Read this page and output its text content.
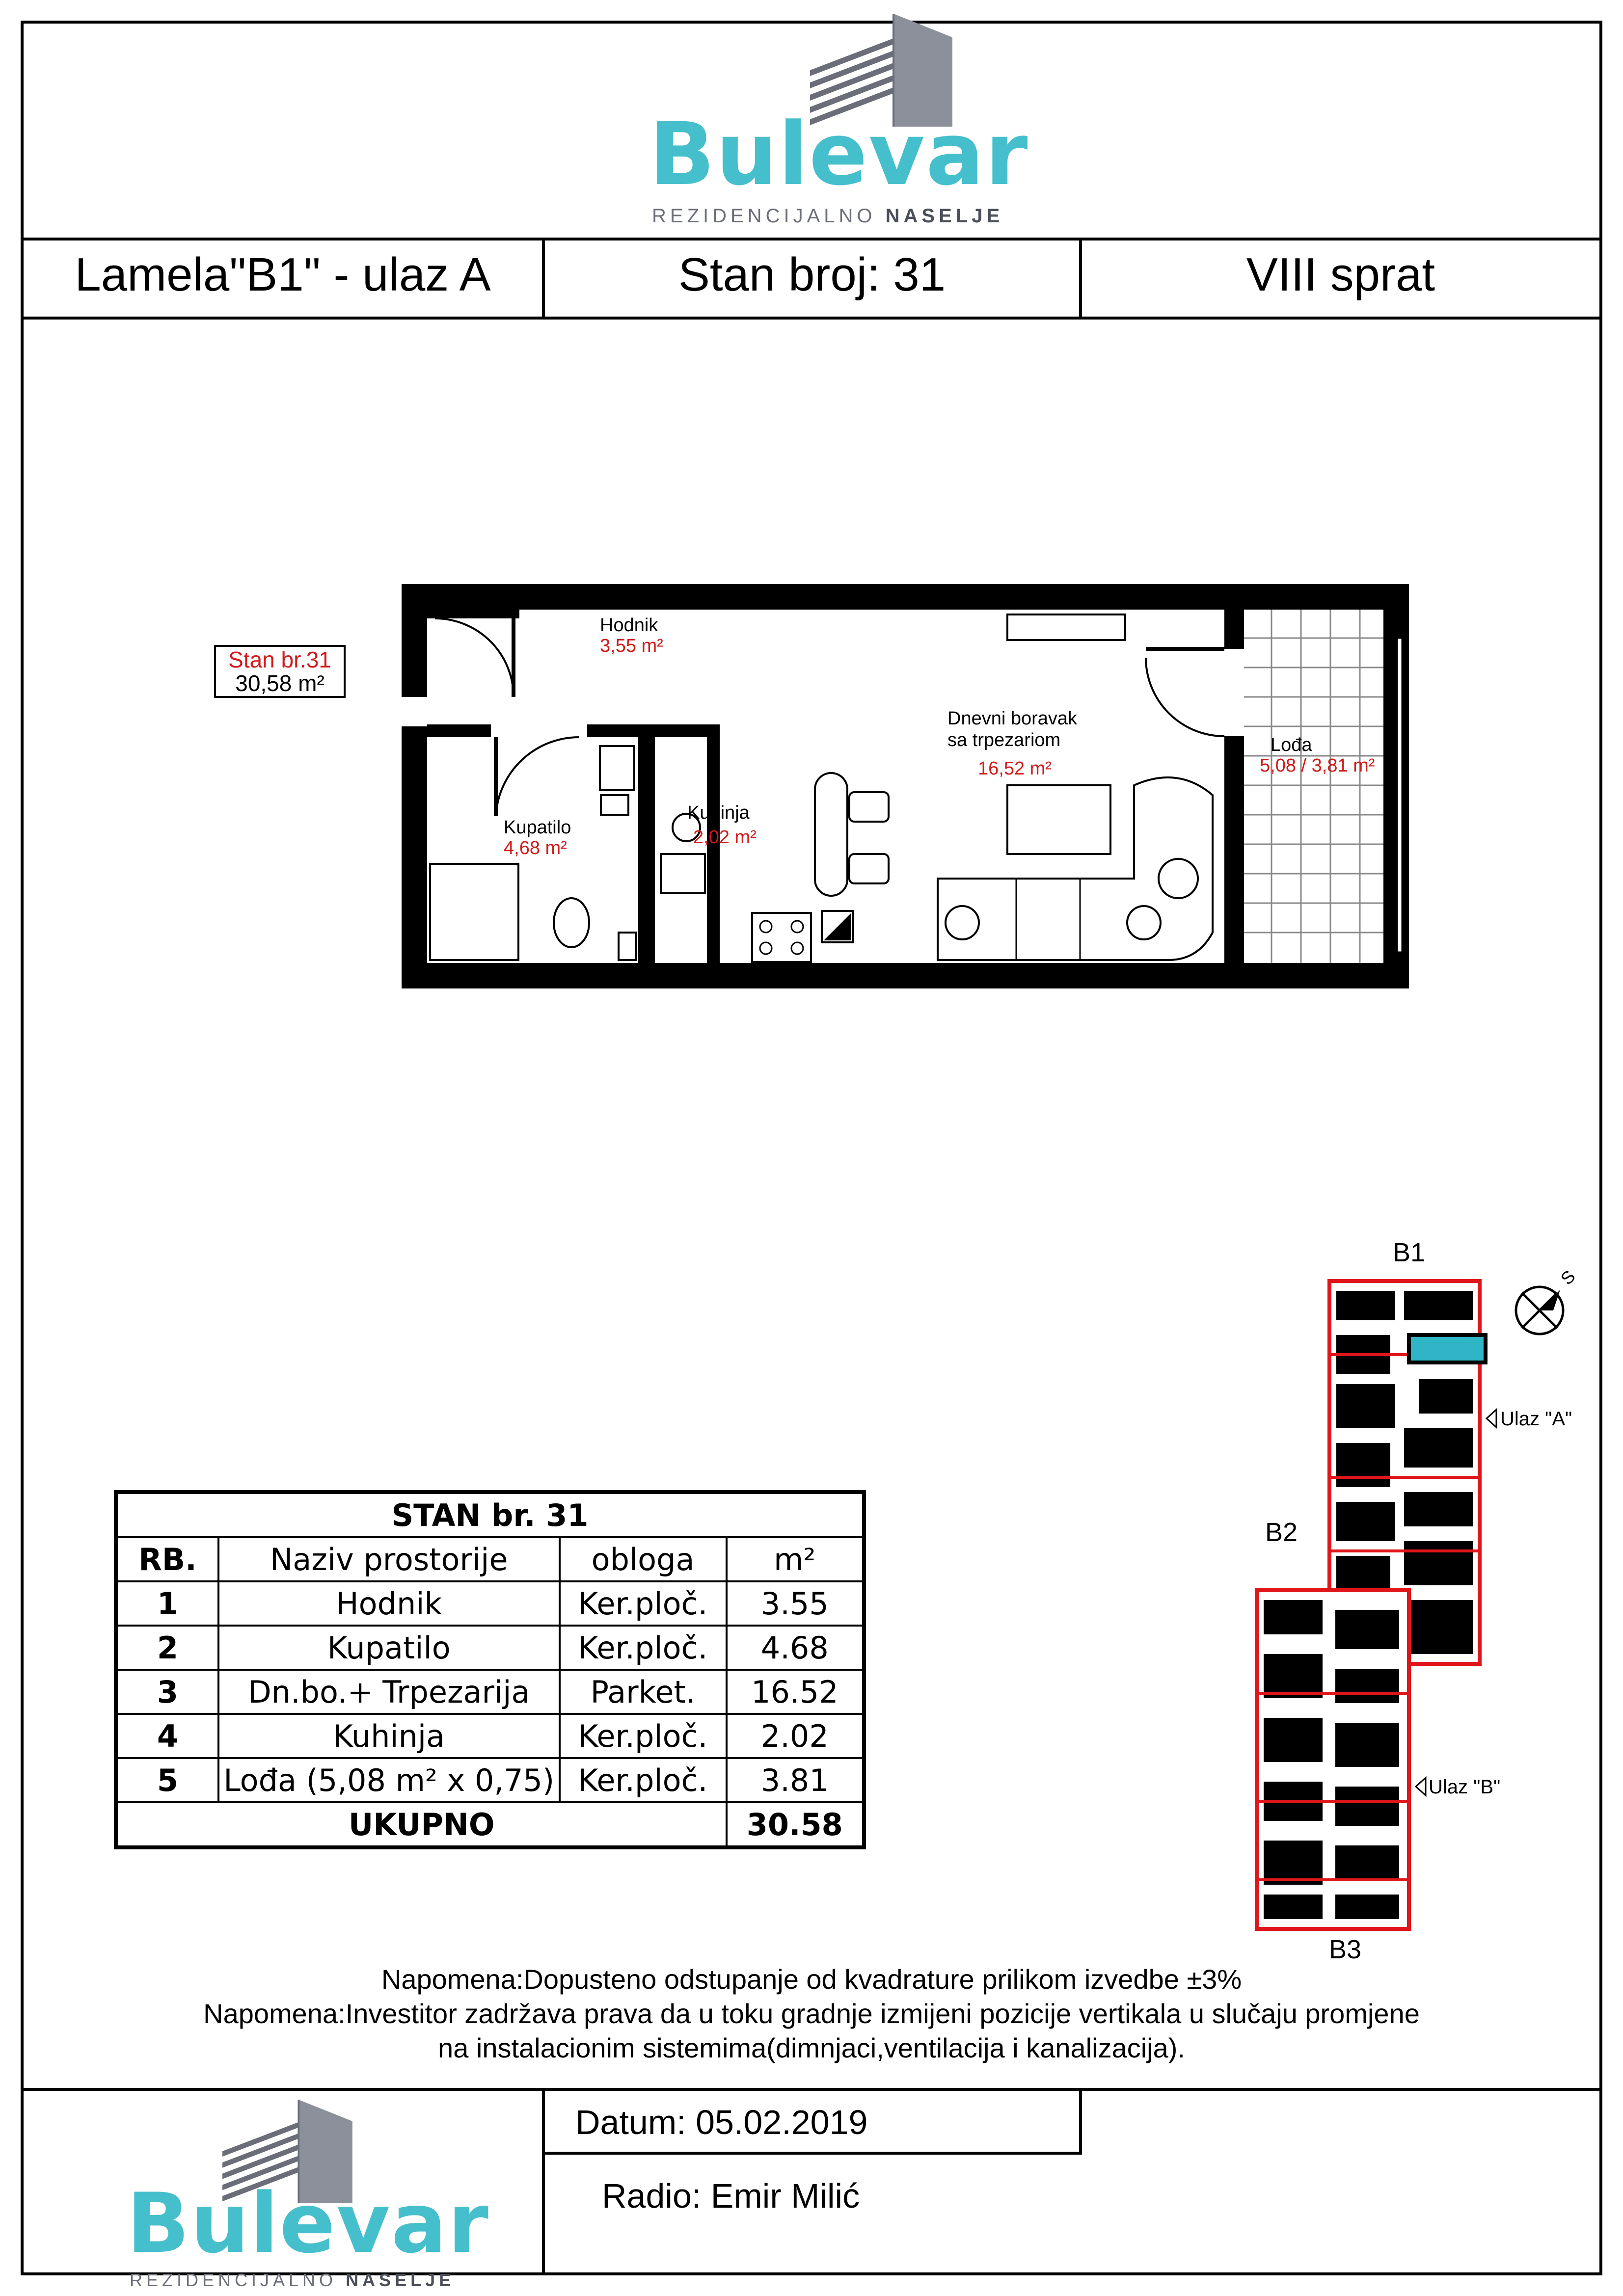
Bulevar
REZIDENCIJALNO NASELJE
Lamela"B1" - ulaz A	Stan broj: 31	VIII sprat
Stan br.31
30,58 m²
Hodnik
3,55 m²
Kupatilo
4,68 m²
Kuhinja
2,02 m²
Dnevni boravak
sa trpezariom
16,52 m²
Lođa
5,08 / 3,81 m²
STAN br. 31			
RB.	Naziv prostorije	obloga	m²
1	Hodnik	Ker.ploč.	3.55
2	Kupatilo	Ker.ploč.	4.68
3	Dn.bo.+ Trpezarija	Parket.	16.52
4	Kuhinja	Ker.ploč.	2.02
5	Lođa (5,08 m² x 0,75)	Ker.ploč.	3.81
UKUPNO			30.58
B1
B2
B3
Ulaz "A"
Ulaz "B"
S
Napomena:Dopusteno odstupanje od kvadrature prilikom izvedbe ±3%
Napomena:Investitor zadržava prava da u toku gradnje izmijeni pozicije vertikala u slučaju promjene
na instalacionim sistemima(dimnjaci,ventilacija i kanalizacija).
Bulevar
REZIDENCIJALNO NASELJE
Datum: 05.02.2019
Radio: Emir Milić
